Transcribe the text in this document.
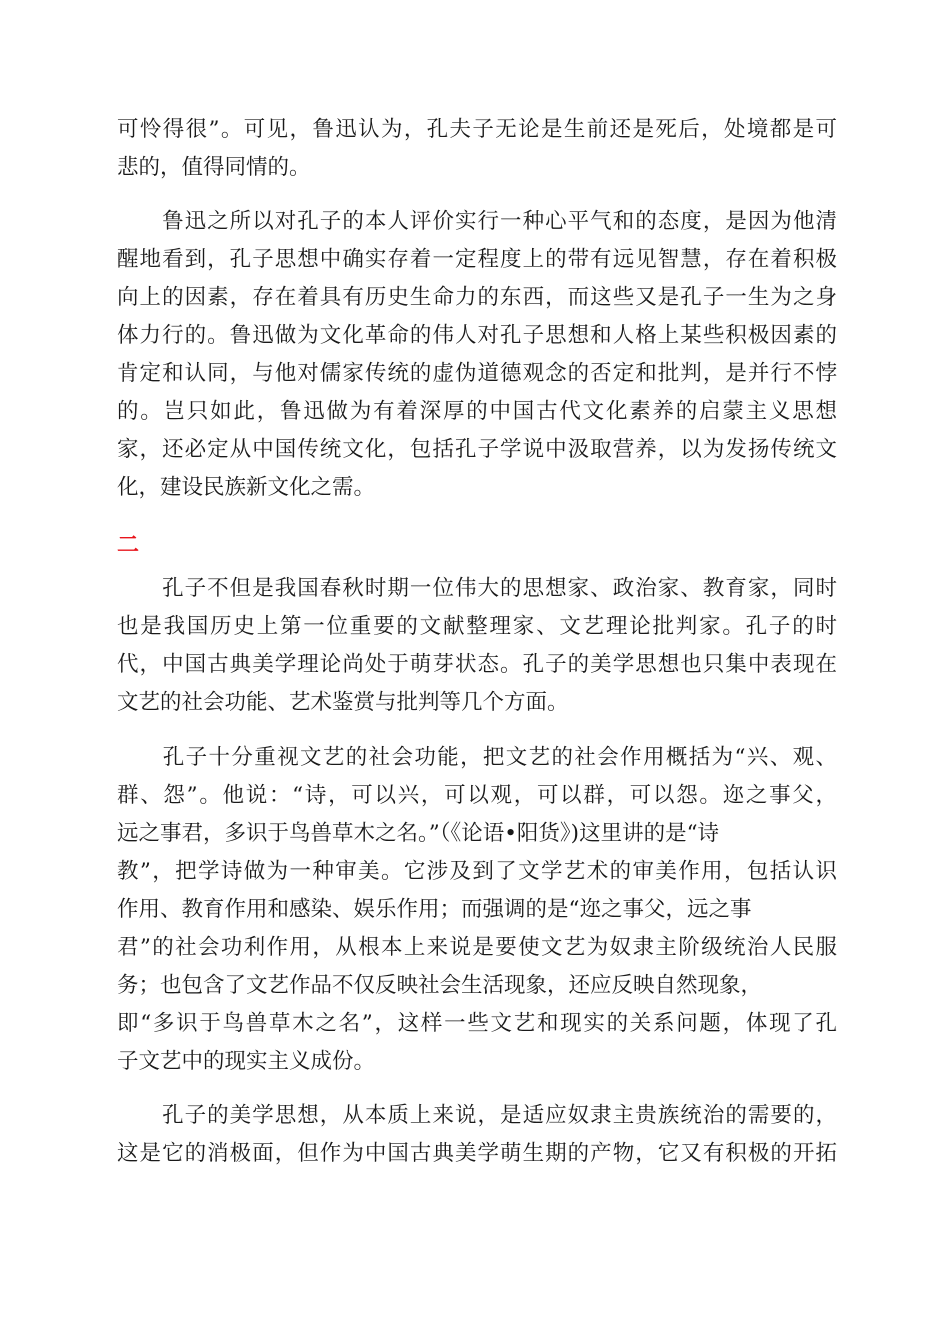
可怜得很”。可见，鲁迅认为，孔夫子无论是生前还是死后，处境都是可
悲的，值得同情的。
　　鲁迅之所以对孔子的本人评价实行一种心平气和的态度，是因为他清
醒地看到，孔子思想中确实存着一定程度上的带有远见智慧，存在着积极
向上的因素，存在着具有历史生命力的东西，而这些又是孔子一生为之身
体力行的。鲁迅做为文化革命的伟人对孔子思想和人格上某些积极因素的
肯定和认同，与他对儒家传统的虚伪道德观念的否定和批判，是并行不悖
的。岂只如此，鲁迅做为有着深厚的中国古代文化素养的启蒙主义思想
家，还必定从中国传统文化，包括孔子学说中汲取营养，以为发扬传统文
化，建设民族新文化之需。
二
　　孔子不但是我国春秋时期一位伟大的思想家、政治家、教育家，同时
也是我国历史上第一位重要的文献整理家、文艺理论批判家。孔子的时
代，中国古典美学理论尚处于萌芽状态。孔子的美学思想也只集中表现在
文艺的社会功能、艺术鉴赏与批判等几个方面。
　　孔子十分重视文艺的社会功能，把文艺的社会作用概括为“兴、观、
群、怨”。他说：“诗，可以兴，可以观，可以群，可以怨。迩之事父，
远之事君，多识于鸟兽草木之名。”（《论语•阳货》)这里讲的是“诗
教”，把学诗做为一种审美。它涉及到了文学艺术的审美作用，包括认识
作用、教育作用和感染、娱乐作用；而强调的是“迩之事父，远之事
君”的社会功利作用，从根本上来说是要使文艺为奴隶主阶级统治人民服
务；也包含了文艺作品不仅反映社会生活现象，还应反映自然现象，
即“多识于鸟兽草木之名”，这样一些文艺和现实的关系问题，体现了孔
子文艺中的现实主义成份。
　　孔子的美学思想，从本质上来说，是适应奴隶主贵族统治的需要的，
这是它的消极面，但作为中国古典美学萌生期的产物，它又有积极的开拓
